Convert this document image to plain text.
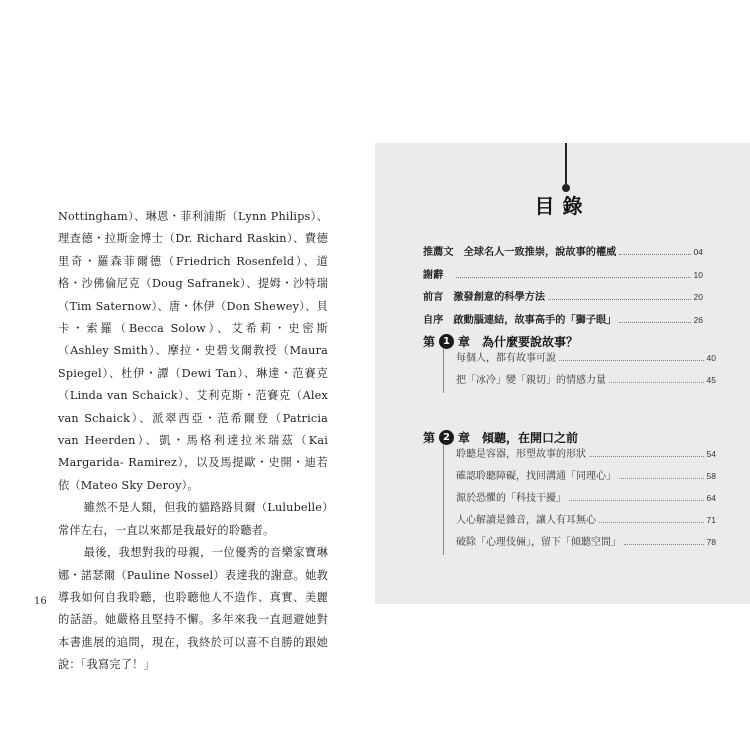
Nottingham）、琳恩・菲利浦斯（Lynn Philips）、理查德・拉斯金博士（Dr. Richard Raskin）、費德里奇・羅森菲爾德（Friedrich Rosenfeld）、道格・沙佛倫尼克（Doug Safranek）、提姆・沙特瑞（Tim Saternow）、唐・休伊（Don Shewey）、貝卡・索羅（Becca Solow）、艾希莉・史密斯（Ashley Smith）、摩拉・史碧戈爾教授（Maura Spiegel）、杜伊・譚（Dewi Tan）、琳達・范賽克（Linda van Schaick）、艾利克斯・范賽克（Alex van Schaick）、派翠西亞・范希爾登（Patricia van Heerden）、凱・馬格利達拉米瑞茲（Kai Margarida- Ramirez），以及馬提歐・史開・迪若依（Mateo Sky Deroy）。

雖然不是人類，但我的貓路路貝爾（Lulubelle）常伴左右，一直以來都是我最好的聆聽者。

最後，我想對我的母親，一位優秀的音樂家寶琳娜・諾瑟爾（Pauline Nossel）表達我的謝意。她教導我如何自我聆聽，也聆聽他人不造作、真實、美麗的話語。她嚴格且堅持不懈。多年來我一直迴避她對本書進展的追問，現在，我終於可以喜不自勝的跟她說：「我寫完了！」

16
目錄
推薦文 全球名人一致推崇，說故事的權威	04
謝辭	10
前言 激發創意的科學方法	20
自序 啟動腦連結，故事高手的「獅子眼」	26
第 1 章 為什麼要說故事？
每個人，都有故事可說	40
把「冰冷」變「親切」的情感力量	45
第 2 章 傾聽，在開口之前
聆聽是容器，形塑故事的形狀	54
確認聆聽障礙，找回溝通「同理心」	58
源於恐懼的「科技干擾」	64
人心解讀是雜音，讓人有耳無心	71
破除「心理伎倆」，留下「傾聽空間」	78
